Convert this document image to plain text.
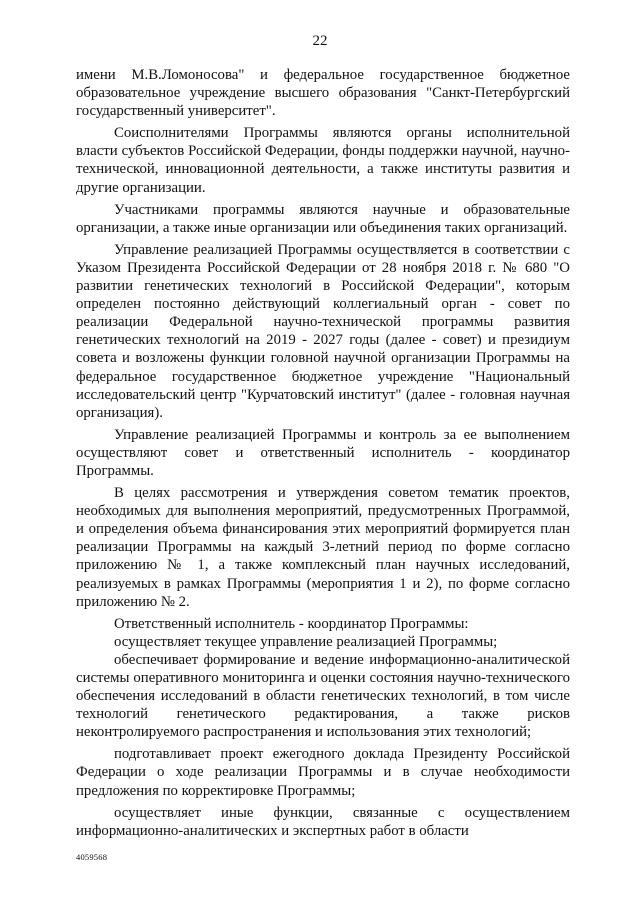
22

имени М.В.Ломоносова" и федеральное государственное бюджетное образовательное учреждение высшего образования "Санкт-Петербургский государственный университет".

Соисполнителями Программы являются органы исполнительной власти субъектов Российской Федерации, фонды поддержки научной, научно-технической, инновационной деятельности, а также институты развития и другие организации.

Участниками программы являются научные и образовательные организации, а также иные организации или объединения таких организаций.

Управление реализацией Программы осуществляется в соответствии с Указом Президента Российской Федерации от 28 ноября 2018 г. № 680 "О развитии генетических технологий в Российской Федерации", которым определен постоянно действующий коллегиальный орган - совет по реализации Федеральной научно-технической программы развития генетических технологий на 2019 - 2027 годы (далее - совет) и президиум совета и возложены функции головной научной организации Программы на федеральное государственное бюджетное учреждение "Национальный исследовательский центр "Курчатовский институт" (далее - головная научная организация).

Управление реализацией Программы и контроль за ее выполнением осуществляют совет и ответственный исполнитель - координатор Программы.

В целях рассмотрения и утверждения советом тематик проектов, необходимых для выполнения мероприятий, предусмотренных Программой, и определения объема финансирования этих мероприятий формируется план реализации Программы на каждый 3-летний период по форме согласно приложению № 1, а также комплексный план научных исследований, реализуемых в рамках Программы (мероприятия 1 и 2), по форме согласно приложению № 2.

Ответственный исполнитель - координатор Программы:

осуществляет текущее управление реализацией Программы;

обеспечивает формирование и ведение информационно-аналитической системы оперативного мониторинга и оценки состояния научно-технического обеспечения исследований в области генетических технологий, в том числе технологий генетического редактирования, а также рисков неконтролируемого распространения и использования этих технологий;

подготавливает проект ежегодного доклада Президенту Российской Федерации о ходе реализации Программы и в случае необходимости предложения по корректировке Программы;

осуществляет иные функции, связанные с осуществлением информационно-аналитических и экспертных работ в области

4059568
